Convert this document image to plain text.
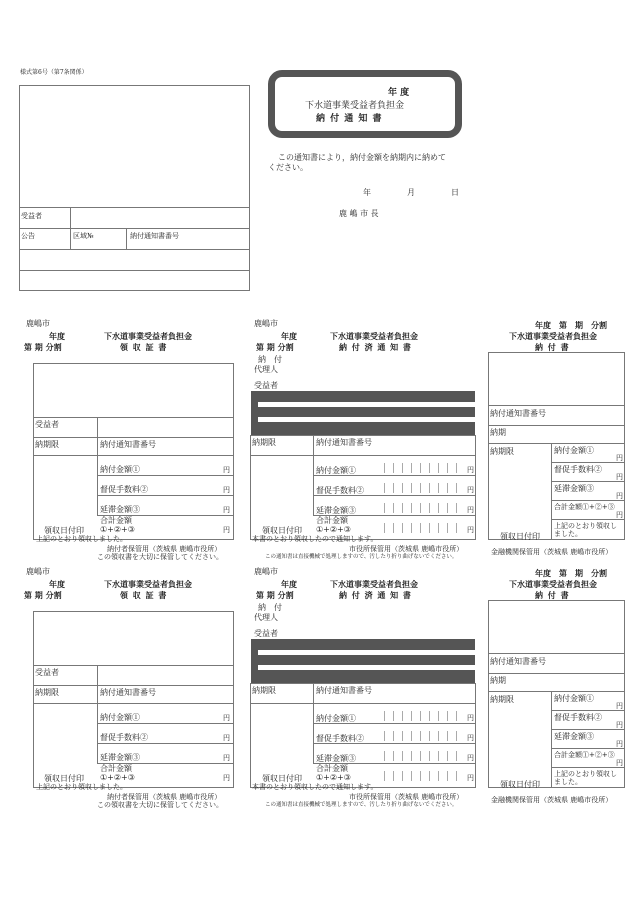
様式第6号（第7条関係）
受益者
公告	区域№	納付通知書番号
年 度
下水道事業受益者負担金
納 付 通 知 書
この通知書により，納付金額を納期内に納めて
ください。
年	月	日
鹿 嶋 市 長
鹿嶋市
年度	下水道事業受益者負担金
第 期 分割	領 収 証 書
受益者
納期限	納付通知書番号
納付金額①	円
督促手数料②	円
延滞金額③	円
合計金額
①+②+③	円
領収日付印
上記のとおり領収しました。
納付者保管用（茨城県 鹿嶋市役所）
この領収書を大切に保管してください。
鹿嶋市
年度	下水道事業受益者負担金
第 期 分割	領 収 証 書
受益者
納期限	納付通知書番号
納付金額①	円
督促手数料②	円
延滞金額③	円
合計金額
①+②+③	円
領収日付印
上記のとおり領収しました。
納付者保管用（茨城県 鹿嶋市役所）
この領収書を大切に保管してください。
鹿嶋市
年度	下水道事業受益者負担金
第 期 分割	納 付 済 通 知 書
納　付
代理人
受益者
納期限	納付通知書番号
納付金額①	円
督促手数料②	円
延滞金額③	円
合計金額
①+②+③	円
領収日付印
本書のとおり領収したので通知します。
市役所保管用（茨城県 鹿嶋市役所）
この通知書は直接機械で処理しますので、汚したり折り曲げないでください。
鹿嶋市
年度	下水道事業受益者負担金
第 期 分割	納 付 済 通 知 書
納　付
代理人
受益者
納期限	納付通知書番号
納付金額①	円
督促手数料②	円
延滞金額③	円
合計金額
①+②+③	円
領収日付印
本書のとおり領収したので通知します。
市役所保管用（茨城県 鹿嶋市役所）
この通知書は直接機械で処理しますので、汚したり折り曲げないでください。
年度　第　期　分割
下水道事業受益者負担金
納 付 書
納付通知書番号
納期
納期限	納付金額①
円
督促手数料②
円
延滞金額③
円
合計金額①+②+③
円
上記のとおり領収し
ました。
領収日付印
金融機関保管用（茨城県 鹿嶋市役所）
年度　第　期　分割
下水道事業受益者負担金
納 付 書
納付通知書番号
納期
納期限	納付金額①
円
督促手数料②
円
延滞金額③
円
合計金額①+②+③
円
上記のとおり領収し
ました。
領収日付印
金融機関保管用（茨城県 鹿嶋市役所）
